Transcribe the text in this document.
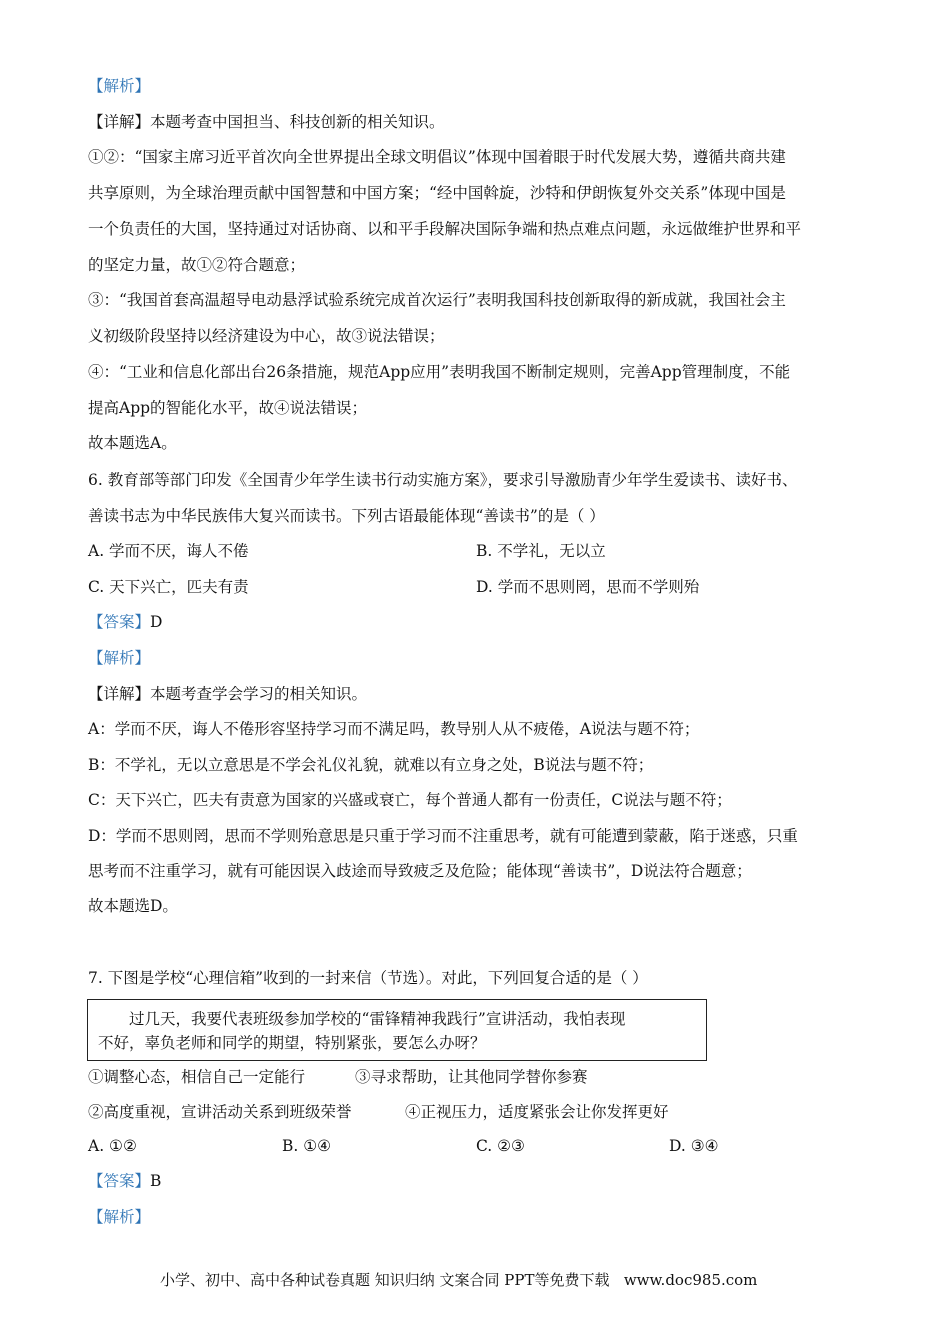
【解析】
【详解】本题考查中国担当、科技创新的相关知识。
①②：“国家主席习近平首次向全世界提出全球文明倡议”体现中国着眼于时代发展大势，遵循共商共建
共享原则，为全球治理贡献中国智慧和中国方案；“经中国斡旋，沙特和伊朗恢复外交关系”体现中国是
一个负责任的大国，坚持通过对话协商、以和平手段解决国际争端和热点难点问题，永远做维护世界和平
的坚定力量，故①②符合题意；
③：“我国首套高温超导电动悬浮试验系统完成首次运行”表明我国科技创新取得的新成就，我国社会主
义初级阶段坚持以经济建设为中心，故③说法错误；
④：“工业和信息化部出台26条措施，规范App应用”表明我国不断制定规则，完善App管理制度，不能
提高App的智能化水平，故④说法错误；
故本题选A。
6. 教育部等部门印发《全国青少年学生读书行动实施方案》，要求引导激励青少年学生爱读书、读好书、
善读书志为中华民族伟大复兴而读书。下列古语最能体现“善读书”的是（ ）
A. 学而不厌，诲人不倦	B. 不学礼，无以立
C. 天下兴亡，匹夫有责	D. 学而不思则罔，思而不学则殆
【答案】D
【解析】
【详解】本题考查学会学习的相关知识。
A：学而不厌，诲人不倦形容坚持学习而不满足吗，教导别人从不疲倦，A说法与题不符；
B：不学礼，无以立意思是不学会礼仪礼貌，就难以有立身之处，B说法与题不符；
C：天下兴亡，匹夫有责意为国家的兴盛或衰亡，每个普通人都有一份责任，C说法与题不符；
D：学而不思则罔，思而不学则殆意思是只重于学习而不注重思考，就有可能遭到蒙蔽，陷于迷惑，只重
思考而不注重学习，就有可能因误入歧途而导致疲乏及危险；能体现“善读书”，D说法符合题意；
故本题选D。
7. 下图是学校“心理信箱”收到的一封来信（节选）。对此，下列回复合适的是（ ）

过几天，我要代表班级参加学校的“雷锋精神我践行”宣讲活动，我怕表现

不好，辜负老师和同学的期望，特别紧张，要怎么办呀？

①调整心态，相信自己一定能行	③寻求帮助，让其他同学替你参赛
②高度重视，宣讲活动关系到班级荣誉	④正视压力，适度紧张会让你发挥更好
A. ①②	B. ①④	C. ②③	D. ③④
【答案】B
【解析】
小学、初中、高中各种试卷真题 知识归纳 文案合同 PPT等免费下载 www.doc985.com
